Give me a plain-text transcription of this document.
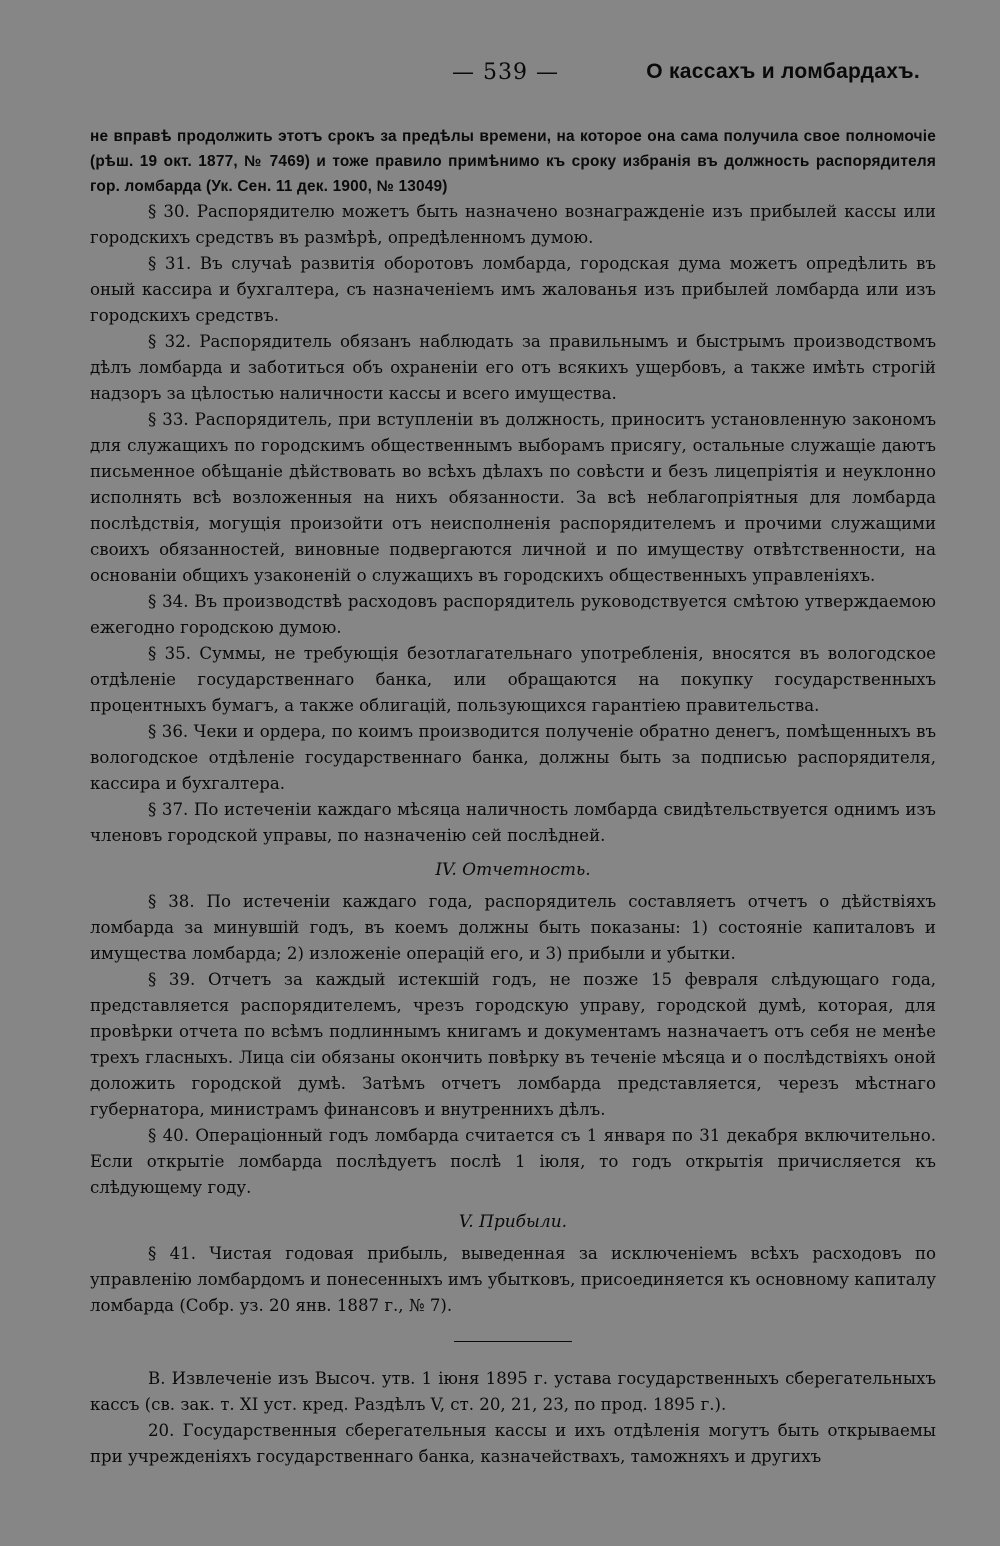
— 539 —	О кассахъ и ломбардахъ.

не вправѣ продолжить этотъ срокъ за предѣлы времени, на которое она сама получила свое полномочіе (рѣш. 19 окт. 1877, № 7469) и тоже правило примѣнимо къ сроку избранія въ должность распорядителя гор. ломбарда (Ук. Сен. 11 дек. 1900, № 13049)

§ 30. Распорядителю можетъ быть назначено вознагражденіе изъ прибылей кассы или городскихъ средствъ въ размѣрѣ, опредѣленномъ думою.

§ 31. Въ случаѣ развитія оборотовъ ломбарда, городская дума можетъ опредѣлить въ оный кассира и бухгалтера, съ назначеніемъ имъ жалованья изъ прибылей ломбарда или изъ городскихъ средствъ.

§ 32. Распорядитель обязанъ наблюдать за правильнымъ и быстрымъ производствомъ дѣлъ ломбарда и заботиться объ охраненіи его отъ всякихъ ущербовъ, а также имѣть строгій надзоръ за цѣлостью наличности кассы и всего имущества.

§ 33. Распорядитель, при вступленіи въ должность, приноситъ установленную закономъ для служащихъ по городскимъ общественнымъ выборамъ присягу, остальные служащіе даютъ письменное обѣщаніе дѣйствовать во всѣхъ дѣлахъ по совѣсти и безъ лицепріятія и неуклонно исполнять всѣ возложенныя на нихъ обязанности. За всѣ неблагопріятныя для ломбарда послѣдствія, могущія произойти отъ неисполненія распорядителемъ и прочими служащими своихъ обязанностей, виновные подвергаются личной и по имуществу отвѣтственности, на основаніи общихъ узаконеній о служащихъ въ городскихъ общественныхъ управленіяхъ.

§ 34. Въ производствѣ расходовъ распорядитель руководствуется смѣтою утверждаемою ежегодно городскою думою.

§ 35. Суммы, не требующія безотлагательнаго употребленія, вносятся въ вологодское отдѣленіе государственнаго банка, или обращаются на покупку государственныхъ процентныхъ бумагъ, а также облигацій, пользующихся гарантіею правительства.

§ 36. Чеки и ордера, по коимъ производится полученіе обратно денегъ, помѣщенныхъ въ вологодское отдѣленіе государственнаго банка, должны быть за подписью распорядителя, кассира и бухгалтера.

§ 37. По истеченіи каждаго мѣсяца наличность ломбарда свидѣтельствуется однимъ изъ членовъ городской управы, по назначенію сей послѣдней.

IV. Отчетность.

§ 38. По истеченіи каждаго года, распорядитель составляетъ отчетъ о дѣйствіяхъ ломбарда за минувшій годъ, въ коемъ должны быть показаны: 1) состояніе капиталовъ и имущества ломбарда; 2) изложеніе операцій его, и 3) прибыли и убытки.

§ 39. Отчетъ за каждый истекшій годъ, не позже 15 февраля слѣдующаго года, представляется распорядителемъ, чрезъ городскую управу, городской думѣ, которая, для провѣрки отчета по всѣмъ подлиннымъ книгамъ и документамъ назначаетъ отъ себя не менѣе трехъ гласныхъ. Лица сіи обязаны окончить повѣрку въ теченіе мѣсяца и о послѣдствіяхъ оной доложить городской думѣ. Затѣмъ отчетъ ломбарда представляется, черезъ мѣстнаго губернатора, министрамъ финансовъ и внутреннихъ дѣлъ.

§ 40. Операціонный годъ ломбарда считается съ 1 января по 31 декабря включительно. Если открытіе ломбарда послѣдуетъ послѣ 1 іюля, то годъ открытія причисляется къ слѣдующему году.

V. Прибыли.

§ 41. Чистая годовая прибыль, выведенная за исключеніемъ всѣхъ расходовъ по управленію ломбардомъ и понесенныхъ имъ убытковъ, присоединяется къ основному капиталу ломбарда (Собр. уз. 20 янв. 1887 г., № 7).

В. Извлеченіе изъ Высоч. утв. 1 іюня 1895 г. устава государственныхъ сберегательныхъ кассъ (св. зак. т. XI уст. кред. Раздѣлъ V, ст. 20, 21, 23, по прод. 1895 г.).

20. Государственныя сберегательныя кассы и ихъ отдѣленія могутъ быть открываемы при учрежденіяхъ государственнаго банка, казначействахъ, таможняхъ и другихъ
